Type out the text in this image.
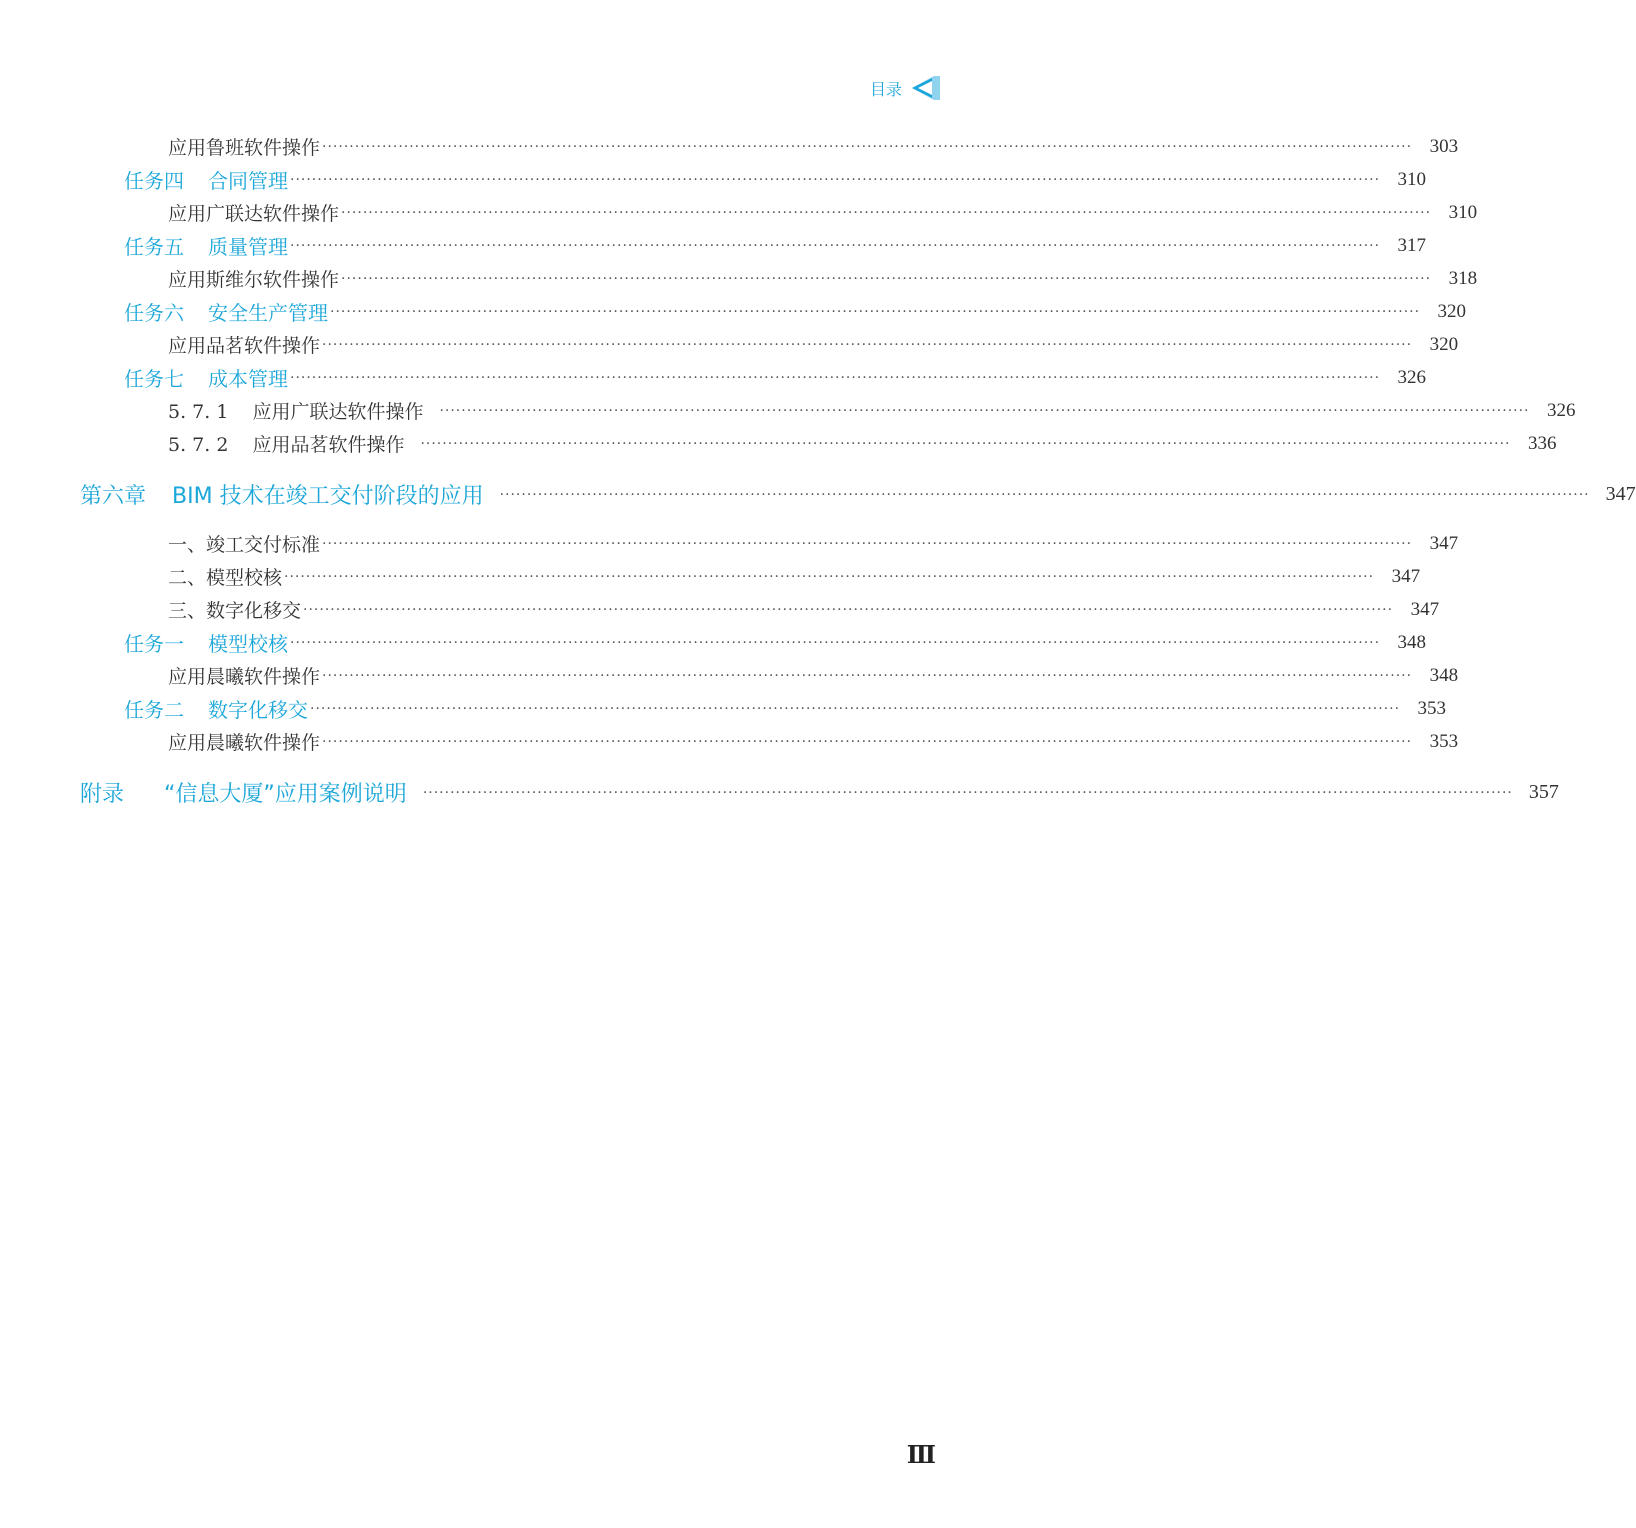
目录
应用鲁班软件操作 ········································································································································································································ 303
任务四 合同管理 ········································································································································································································ 310
应用广联达软件操作 ········································································································································································································ 310
任务五 质量管理 ········································································································································································································ 317
应用斯维尔软件操作 ········································································································································································································ 318
任务六 安全生产管理 ········································································································································································································ 320
应用品茗软件操作 ········································································································································································································ 320
任务七 成本管理 ········································································································································································································ 326
5. 7. 1 应用广联达软件操作	········································································································································································································ 326
5. 7. 2 应用品茗软件操作	········································································································································································································ 336
第六章 BIM 技术在竣工交付阶段的应用	········································································································································································································ 347
一、竣工交付标准 ········································································································································································································ 347
二、模型校核 ········································································································································································································ 347
三、数字化移交 ········································································································································································································ 347
任务一 模型校核 ········································································································································································································ 348
应用晨曦软件操作 ········································································································································································································ 348
任务二 数字化移交 ········································································································································································································ 353
应用晨曦软件操作 ········································································································································································································ 353
附录 “信息大厦”应用案例说明	········································································································································································································ 357
Ⅲ
